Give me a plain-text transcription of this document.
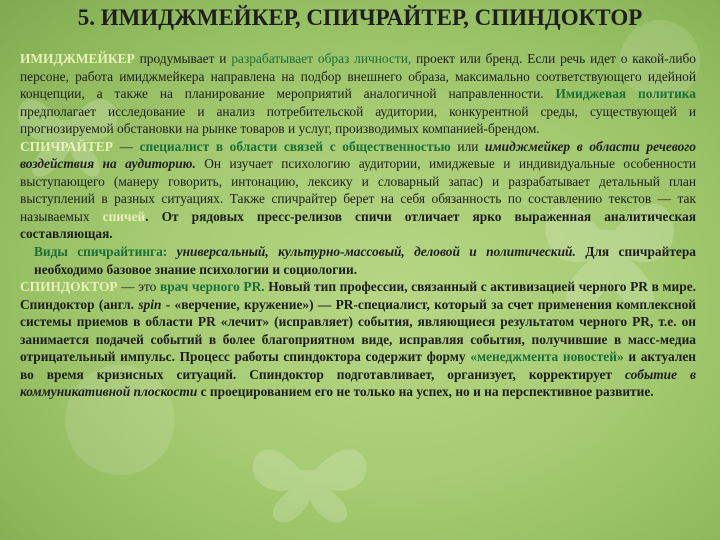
5. ИМИДЖМЕЙКЕР, СПИЧРАЙТЕР, СПИНДОКТОР
ИМИДЖМЕЙКЕР продумывает и разрабатывает образ личности, проект или бренд. Если речь идет о какой-либо персоне, работа имиджмейкера направлена на подбор внешнего образа, максимально соответствующего идейной концепции, а также на планирование мероприятий аналогичной направленности. Имиджевая политика предполагает исследование и анализ потребительской аудитории, конкурентной среды, существующей и прогнозируемой обстановки на рынке товаров и услуг, производимых компанией-брендом.
СПИЧРАЙТЕР — специалист в области связей с общественностью или имиджмейкер в области речевого воздействия на аудиторию. Он изучает психологию аудитории, имиджевые и индивидуальные особенности выступающего (манеру говорить, интонацию, лексику и словарный запас) и разрабатывает детальный план выступлений в разных ситуациях. Также спичрайтер берет на себя обязанность по составлению текстов — так называемых спичей. От рядовых пресс-релизов спичи отличает ярко выраженная аналитическая составляющая.
Виды спичрайтинга: универсальный, культурно-массовый, деловой и политический. Для спичрайтера необходимо базовое знание психологии и социологии.
СПИНДОКТОР — это врач черного PR. Новый тип профессии, связанный с активизацией черного PR в мире. Спиндоктор (англ. spin - «верчение, кружение») — PR-специалист, который за счет применения комплексной системы приемов в области PR «лечит» (исправляет) события, являющиеся результатом черного PR, т.е. он занимается подачей событий в более благоприятном виде, исправляя события, получившие в масс-медиа отрицательный импульс. Процесс работы спиндоктора содержит форму «менеджмента новостей» и актуален во время кризисных ситуаций. Спиндоктор подготавливает, организует, корректирует событие в коммуникативной плоскости с проецированием его не только на успех, но и на перспективное развитие.
